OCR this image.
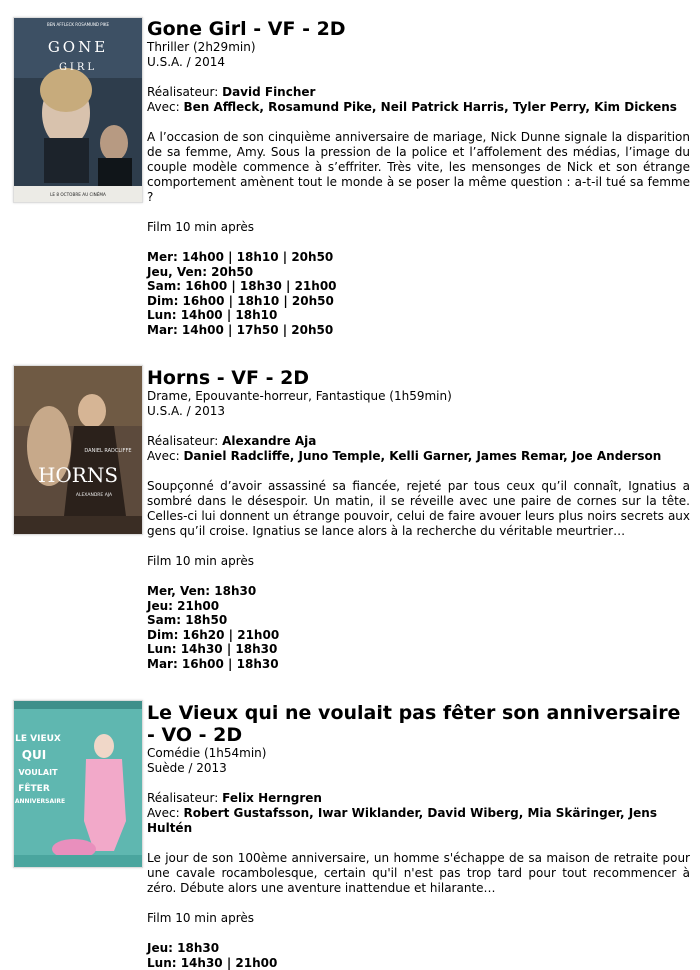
BEN AFFLECK ROSAMUND PIKE
GONE
GIRL
LE 8 OCTOBRE AU CINÉMA
Gone Girl - VF - 2D
Thriller (2h29min)
U.S.A. / 2014
Réalisateur: David Fincher
Avec: Ben Affleck, Rosamund Pike, Neil Patrick Harris, Tyler Perry, Kim Dickens
A l’occasion de son cinquième anniversaire de mariage, Nick Dunne signale la disparition de sa femme, Amy. Sous la pression de la police et l’affolement des médias, l’image du couple modèle commence à s’effriter. Très vite, les mensonges de Nick et son étrange comportement amènent tout le monde à se poser la même question : a-t-il tué sa femme ?
Film 10 min après
Mer: 14h00 | 18h10 | 20h50
Jeu, Ven: 20h50
Sam: 16h00 | 18h30 | 21h00
Dim: 16h00 | 18h10 | 20h50
Lun: 14h00 | 18h10
Mar: 14h00 | 17h50 | 20h50
DANIEL RADCLIFFE
HORNS
ALEXANDRE AJA
Horns - VF - 2D
Drame, Epouvante-horreur, Fantastique (1h59min)
U.S.A. / 2013
Réalisateur: Alexandre Aja
Avec: Daniel Radcliffe, Juno Temple, Kelli Garner, James Remar, Joe Anderson
Soupçonné d’avoir assassiné sa fiancée, rejeté par tous ceux qu’il connaît, Ignatius a sombré dans le désespoir. Un matin, il se réveille avec une paire de cornes sur la tête. Celles-ci lui donnent un étrange pouvoir, celui de faire avouer leurs plus noirs secrets aux gens qu’il croise. Ignatius se lance alors à la recherche du véritable meurtrier…
Film 10 min après
Mer, Ven: 18h30
Jeu: 21h00
Sam: 18h50
Dim: 16h20 | 21h00
Lun: 14h30 | 18h30
Mar: 16h00 | 18h30
LE VIEUX
QUI
VOULAIT
FÊTER
ANNIVERSAIRE
Le Vieux qui ne voulait pas fêter son anniversaire - VO - 2D
Comédie (1h54min)
Suède / 2013
Réalisateur: Felix Herngren
Avec: Robert Gustafsson, Iwar Wiklander, David Wiberg, Mia Skäringer, Jens Hultén
Le jour de son 100ème anniversaire, un homme s'échappe de sa maison de retraite pour une cavale rocambolesque, certain qu'il n'est pas trop tard pour tout recommencer à zéro. Débute alors une aventure inattendue et hilarante…
Film 10 min après
Jeu: 18h30
Lun: 14h30 | 21h00
